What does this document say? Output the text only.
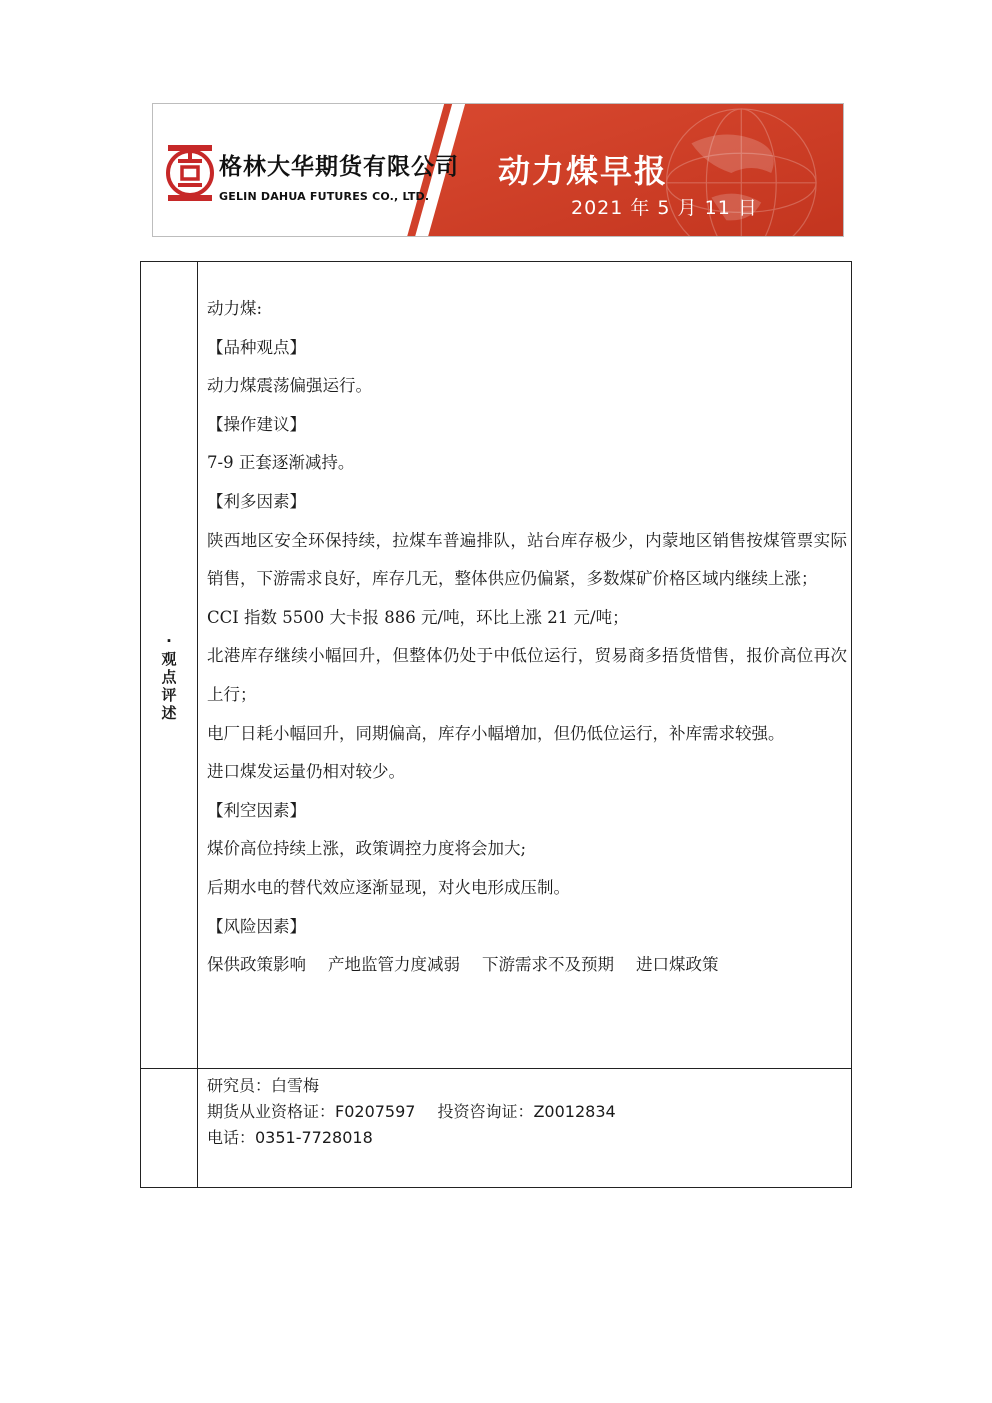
格林大华期货有限公司
GELIN DAHUA FUTURES CO., LTD.
动力煤早报
2021 年 5 月 11 日
·
观
点
评
述
动力煤:
【品种观点】
动力煤震荡偏强运行。
【操作建议】
7-9 正套逐渐减持。
【利多因素】
陕西地区安全环保持续，拉煤车普遍排队，站台库存极少，内蒙地区销售按煤管票实际销售，下游需求良好，库存几无，整体供应仍偏紧，多数煤矿价格区域内继续上涨；
CCI 指数 5500 大卡报 886 元/吨，环比上涨 21 元/吨；
北港库存继续小幅回升，但整体仍处于中低位运行，贸易商多捂货惜售，报价高位再次上行；
电厂日耗小幅回升，同期偏高，库存小幅增加，但仍低位运行，补库需求较强。
进口煤发运量仍相对较少。
【利空因素】
煤价高位持续上涨，政策调控力度将会加大;
后期水电的替代效应逐渐显现，对火电形成压制。
【风险因素】
保供政策影响 产地监管力度减弱 下游需求不及预期 进口煤政策
研究员：白雪梅
期货从业资格证：F0207597 投资咨询证：Z0012834
电话：0351-7728018
